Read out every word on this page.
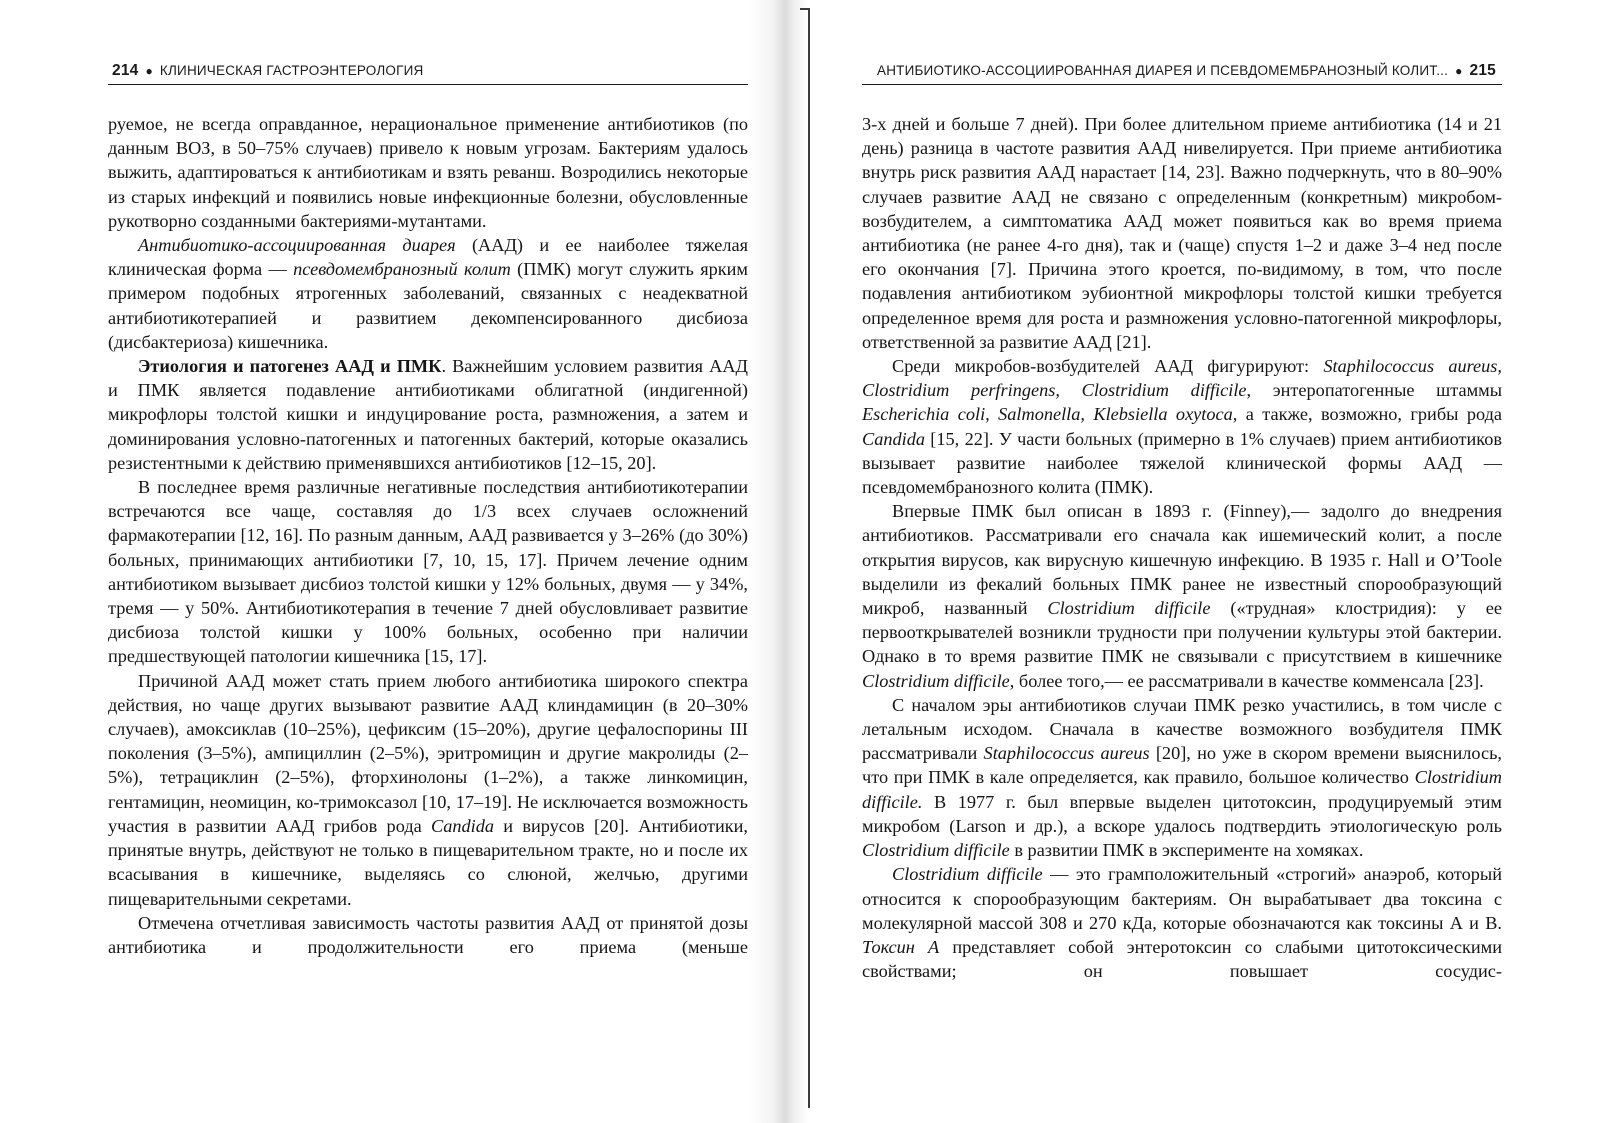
214 ● КЛИНИЧЕСКАЯ ГАСТРОЭНТЕРОЛОГИЯ

руемое, не всегда оправданное, нерациональное применение антибиотиков (по данным ВОЗ, в 50–75% случаев) привело к новым угрозам. Бактериям удалось выжить, адаптироваться к антибиотикам и взять реванш. Возродились некоторые из старых инфекций и появились новые инфекционные болезни, обусловленные рукотворно созданными бактериями-мутантами.

Антибиотико-ассоциированная диарея (ААД) и ее наиболее тяжелая клиническая форма — псевдомембранозный колит (ПМК) могут служить ярким примером подобных ятрогенных заболеваний, связанных с неадекватной антибиотикотерапией и развитием декомпенсированного дисбиоза (дисбактериоза) кишечника.

Этиология и патогенез ААД и ПМК. Важнейшим условием развития ААД и ПМК является подавление антибиотиками облигатной (индигенной) микрофлоры толстой кишки и индуцирование роста, размножения, а затем и доминирования условно-патогенных и патогенных бактерий, которые оказались резистентными к действию применявшихся антибиотиков [12–15, 20].

В последнее время различные негативные последствия антибиотикотерапии встречаются все чаще, составляя до 1/3 всех случаев осложнений фармакотерапии [12, 16]. По разным данным, ААД развивается у 3–26% (до 30%) больных, принимающих антибиотики [7, 10, 15, 17]. Причем лечение одним антибиотиком вызывает дисбиоз толстой кишки у 12% больных, двумя — у 34%, тремя — у 50%. Антибиотикотерапия в течение 7 дней обусловливает развитие дисбиоза толстой кишки у 100% больных, особенно при наличии предшествующей патологии кишечника [15, 17].

Причиной ААД может стать прием любого антибиотика широкого спектра действия, но чаще других вызывают развитие ААД клиндамицин (в 20–30% случаев), амоксиклав (10–25%), цефиксим (15–20%), другие цефалоспорины III поколения (3–5%), ампициллин (2–5%), эритромицин и другие макролиды (2–5%), тетрациклин (2–5%), фторхинолоны (1–2%), а также линкомицин, гентамицин, неомицин, ко-тримоксазол [10, 17–19]. Не исключается возможность участия в развитии ААД грибов рода Candida и вирусов [20]. Антибиотики, принятые внутрь, действуют не только в пищеварительном тракте, но и после их всасывания в кишечнике, выделяясь со слюной, желчью, другими пищеварительными секретами.

Отмечена отчетливая зависимость частоты развития ААД от принятой дозы антибиотика и продолжительности его приема (меньше

АНТИБИОТИКО-АССОЦИИРОВАННАЯ ДИАРЕЯ И ПСЕВДОМЕМБРАНОЗНЫЙ КОЛИТ... ● 215

3-х дней и больше 7 дней). При более длительном приеме антибиотика (14 и 21 день) разница в частоте развития ААД нивелируется. При приеме антибиотика внутрь риск развития ААД нарастает [14, 23]. Важно подчеркнуть, что в 80–90% случаев развитие ААД не связано с определенным (конкретным) микробом-возбудителем, а симптоматика ААД может появиться как во время приема антибиотика (не ранее 4-го дня), так и (чаще) спустя 1–2 и даже 3–4 нед после его окончания [7]. Причина этого кроется, по-видимому, в том, что после подавления антибиотиком эубионтной микрофлоры толстой кишки требуется определенное время для роста и размножения условно-патогенной микрофлоры, ответственной за развитие ААД [21].

Среди микробов-возбудителей ААД фигурируют: Staphilococcus aureus, Clostridium perfringens, Clostridium difficile, энтеропатогенные штаммы Escherichia coli, Salmonella, Klebsiella oxytoca, а также, возможно, грибы рода Candida [15, 22]. У части больных (примерно в 1% случаев) прием антибиотиков вызывает развитие наиболее тяжелой клинической формы ААД — псевдомембранозного колита (ПМК).

Впервые ПМК был описан в 1893 г. (Finney),— задолго до внедрения антибиотиков. Рассматривали его сначала как ишемический колит, а после открытия вирусов, как вирусную кишечную инфекцию. В 1935 г. Hall и O’Toole выделили из фекалий больных ПМК ранее не известный спорообразующий микроб, названный Clostridium difficile («трудная» клостридия): у ее первооткрывателей возникли трудности при получении культуры этой бактерии. Однако в то время развитие ПМК не связывали с присутствием в кишечнике Clostridium difficile, более того,— ее рассматривали в качестве комменсала [23].

С началом эры антибиотиков случаи ПМК резко участились, в том числе с летальным исходом. Сначала в качестве возможного возбудителя ПМК рассматривали Staphilococcus aureus [20], но уже в скором времени выяснилось, что при ПМК в кале определяется, как правило, большое количество Clostridium difficile. В 1977 г. был впервые выделен цитотоксин, продуцируемый этим микробом (Larson и др.), а вскоре удалось подтвердить этиологическую роль Clostridium difficile в развитии ПМК в эксперименте на хомяках.

Clostridium difficile — это грамположительный «строгий» анаэроб, который относится к спорообразующим бактериям. Он вырабатывает два токсина с молекулярной массой 308 и 270 кДа, которые обозначаются как токсины А и В. Токсин А представляет собой энтеротоксин со слабыми цитотоксическими свойствами; он повышает сосудис-
